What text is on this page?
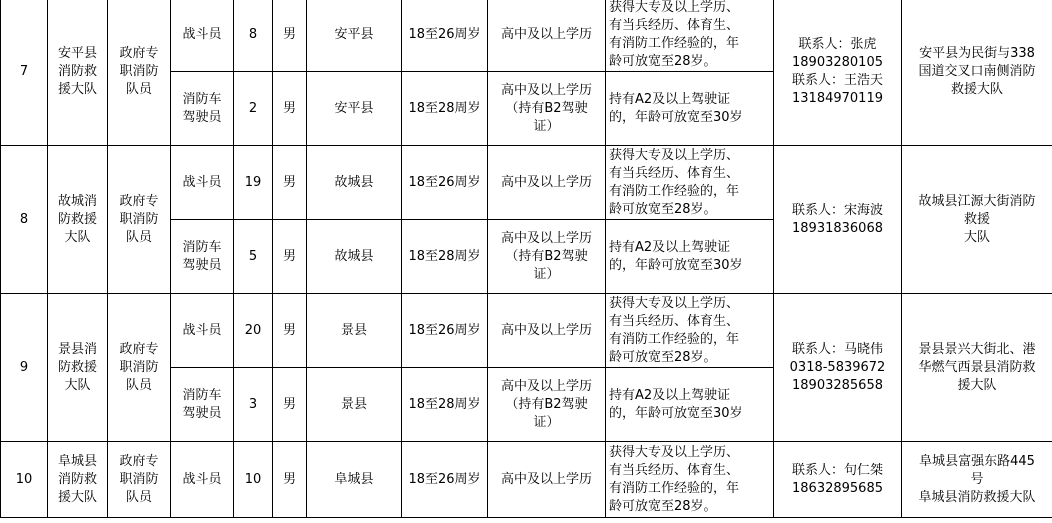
7	安平县
消防救
援大队	政府专
职消防
队员	战斗员	8	男	安平县	18至26周岁	高中及以上学历	获得大专及以上学历、
有当兵经历、体育生、
有消防工作经验的，年
龄可放宽至28岁。	联系人：张虎
18903280105
联系人：王浩天
13184970119	安平县为民街与338
国道交叉口南侧消防
救援大队

			消防车
驾驶员	2	男	安平县	18至28周岁	高中及以上学历
（持有B2驾驶
证）	持有A2及以上驾驶证
的，年龄可放宽至30岁		

8	故城消
防救援
大队	政府专
职消防
队员	战斗员	19	男	故城县	18至26周岁	高中及以上学历	获得大专及以上学历、
有当兵经历、体育生、
有消防工作经验的，年
龄可放宽至28岁。	联系人：宋海波
18931836068	故城县江源大街消防
救援
大队

			消防车
驾驶员	5	男	故城县	18至28周岁	高中及以上学历
（持有B2驾驶
证）	持有A2及以上驾驶证
的，年龄可放宽至30岁		

9	景县消
防救援
大队	政府专
职消防
队员	战斗员	20	男	景县	18至26周岁	高中及以上学历	获得大专及以上学历、
有当兵经历、体育生、
有消防工作经验的，年
龄可放宽至28岁。	联系人：马晓伟
0318-5839672
18903285658	景县景兴大街北、港
华燃气西景县消防救
援大队

			消防车
驾驶员	3	男	景县	18至28周岁	高中及以上学历
（持有B2驾驶
证）	持有A2及以上驾驶证
的，年龄可放宽至30岁		

10	阜城县
消防救
援大队	政府专
职消防
队员	战斗员	10	男	阜城县	18至26周岁	高中及以上学历	获得大专及以上学历、
有当兵经历、体育生、
有消防工作经验的，年
龄可放宽至28岁。	联系人：句仁桀
18632895685	阜城县富强东路445
号
阜城县消防救援大队
